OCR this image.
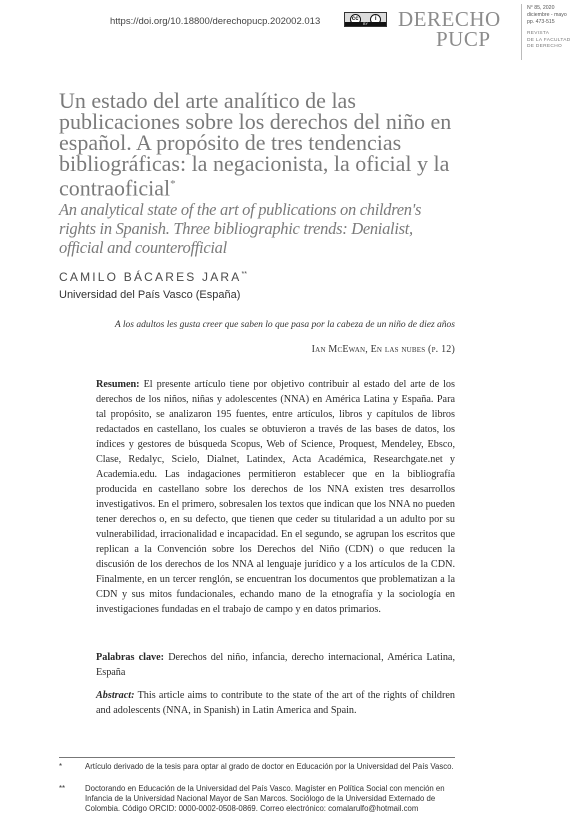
https://doi.org/10.18800/derechopucp.202002.013	cc	i
BY	DERECHO
PUCP
N° 85, 2020
diciembre - mayo
pp. 473-515
REVISTA
DE LA FACULTAD
DE DERECHO
Un estado del arte analítico de las publicaciones sobre los derechos del niño en español. A propósito de tres tendencias bibliográficas: la negacionista, la oficial y la contraoficial*
An analytical state of the art of publications on children's rights in Spanish. Three bibliographic trends: Denialist, official and counterofficial
CAMILO BÁCARES JARA**
Universidad del País Vasco (España)
A los adultos les gusta creer que saben lo que pasa por la cabeza de un niño de diez años
Ian McEwan, En las nubes (p. 12)

Resumen: El presente artículo tiene por objetivo contribuir al estado del arte de los derechos de los niños, niñas y adolescentes (NNA) en América Latina y España. Para tal propósito, se analizaron 195 fuentes, entre artículos, libros y capítulos de libros redactados en castellano, los cuales se obtuvieron a través de las bases de datos, los índices y gestores de búsqueda Scopus, Web of Science, Proquest, Mendeley, Ebsco, Clase, Redalyc, Scielo, Dialnet, Latindex, Acta Académica, Researchgate.net y Academia.edu. Las indagaciones permitieron establecer que en la bibliografía producida en castellano sobre los derechos de los NNA existen tres desarrollos investigativos. En el primero, sobresalen los textos que indican que los NNA no pueden tener derechos o, en su defecto, que tienen que ceder su titularidad a un adulto por su vulnerabilidad, irracionalidad e incapacidad. En el segundo, se agrupan los escritos que replican a la Convención sobre los Derechos del Niño (CDN) o que reducen la discusión de los derechos de los NNA al lenguaje jurídico y a los artículos de la CDN. Finalmente, en un tercer renglón, se encuentran los documentos que problematizan a la CDN y sus mitos fundacionales, echando mano de la etnografía y la sociología en investigaciones fundadas en el trabajo de campo y en datos primarios.

Palabras clave: Derechos del niño, infancia, derecho internacional, América Latina, España

Abstract: This article aims to contribute to the state of the art of the rights of children and adolescents (NNA, in Spanish) in Latin America and Spain.

*	Artículo derivado de la tesis para optar al grado de doctor en Educación por la Universidad del País Vasco.
**	Doctorando en Educación de la Universidad del País Vasco. Magíster en Política Social con mención en Infancia de la Universidad Nacional Mayor de San Marcos. Sociólogo de la Universidad Externado de Colombia. Código ORCID: 0000-0002-0508-0869. Correo electrónico: comalarulfo@hotmail.com
